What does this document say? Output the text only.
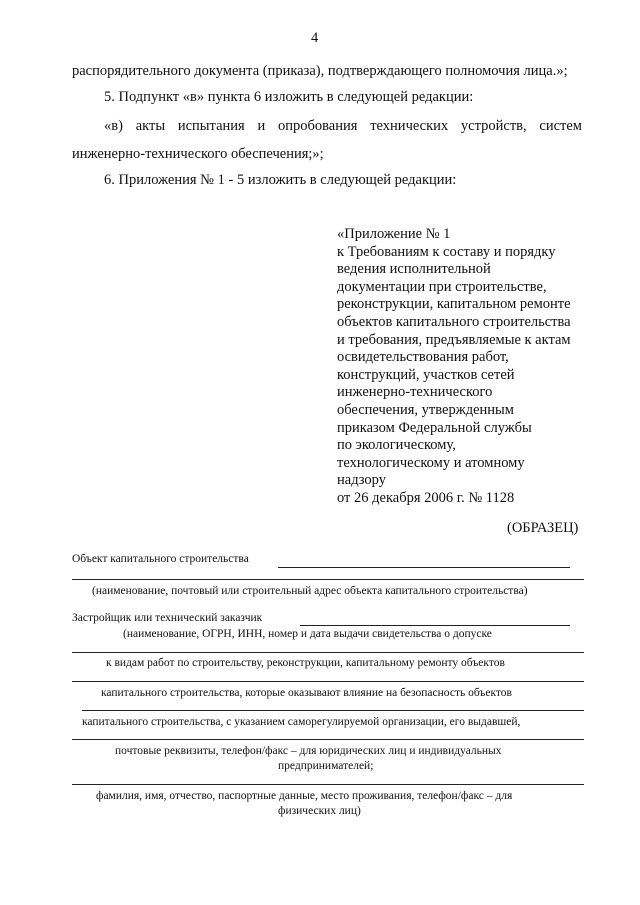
4
распорядительного документа (приказа), подтверждающего полномочия лица.»;
5. Подпункт «в» пункта 6 изложить в следующей редакции:
«в) акты испытания и опробования технических устройств, систем
инженерно-технического обеспечения;»;
6. Приложения № 1 - 5 изложить в следующей редакции:
«Приложение № 1
к Требованиям к составу и порядку
ведения исполнительной
документации при строительстве,
реконструкции, капитальном ремонте
объектов капитального строительства
и требования, предъявляемые к актам
освидетельствования работ,
конструкций, участков сетей
инженерно-технического
обеспечения, утвержденным
приказом Федеральной службы
по экологическому,
технологическому и атомному
надзору
от 26 декабря 2006 г. № 1128
(ОБРАЗЕЦ)
Объект капитального строительства
(наименование, почтовый или строительный адрес объекта капитального строительства)
Застройщик или технический заказчик
(наименование, ОГРН, ИНН, номер и дата выдачи свидетельства о допуске
к видам работ по строительству, реконструкции, капитальному ремонту объектов
капитального строительства, которые оказывают влияние на безопасность объектов
капитального строительства, с указанием саморегулируемой организации, его выдавшей,
почтовые реквизиты, телефон/факс – для юридических лиц и индивидуальных
предпринимателей;
фамилия, имя, отчество, паспортные данные, место проживания, телефон/факс – для
физических лиц)
